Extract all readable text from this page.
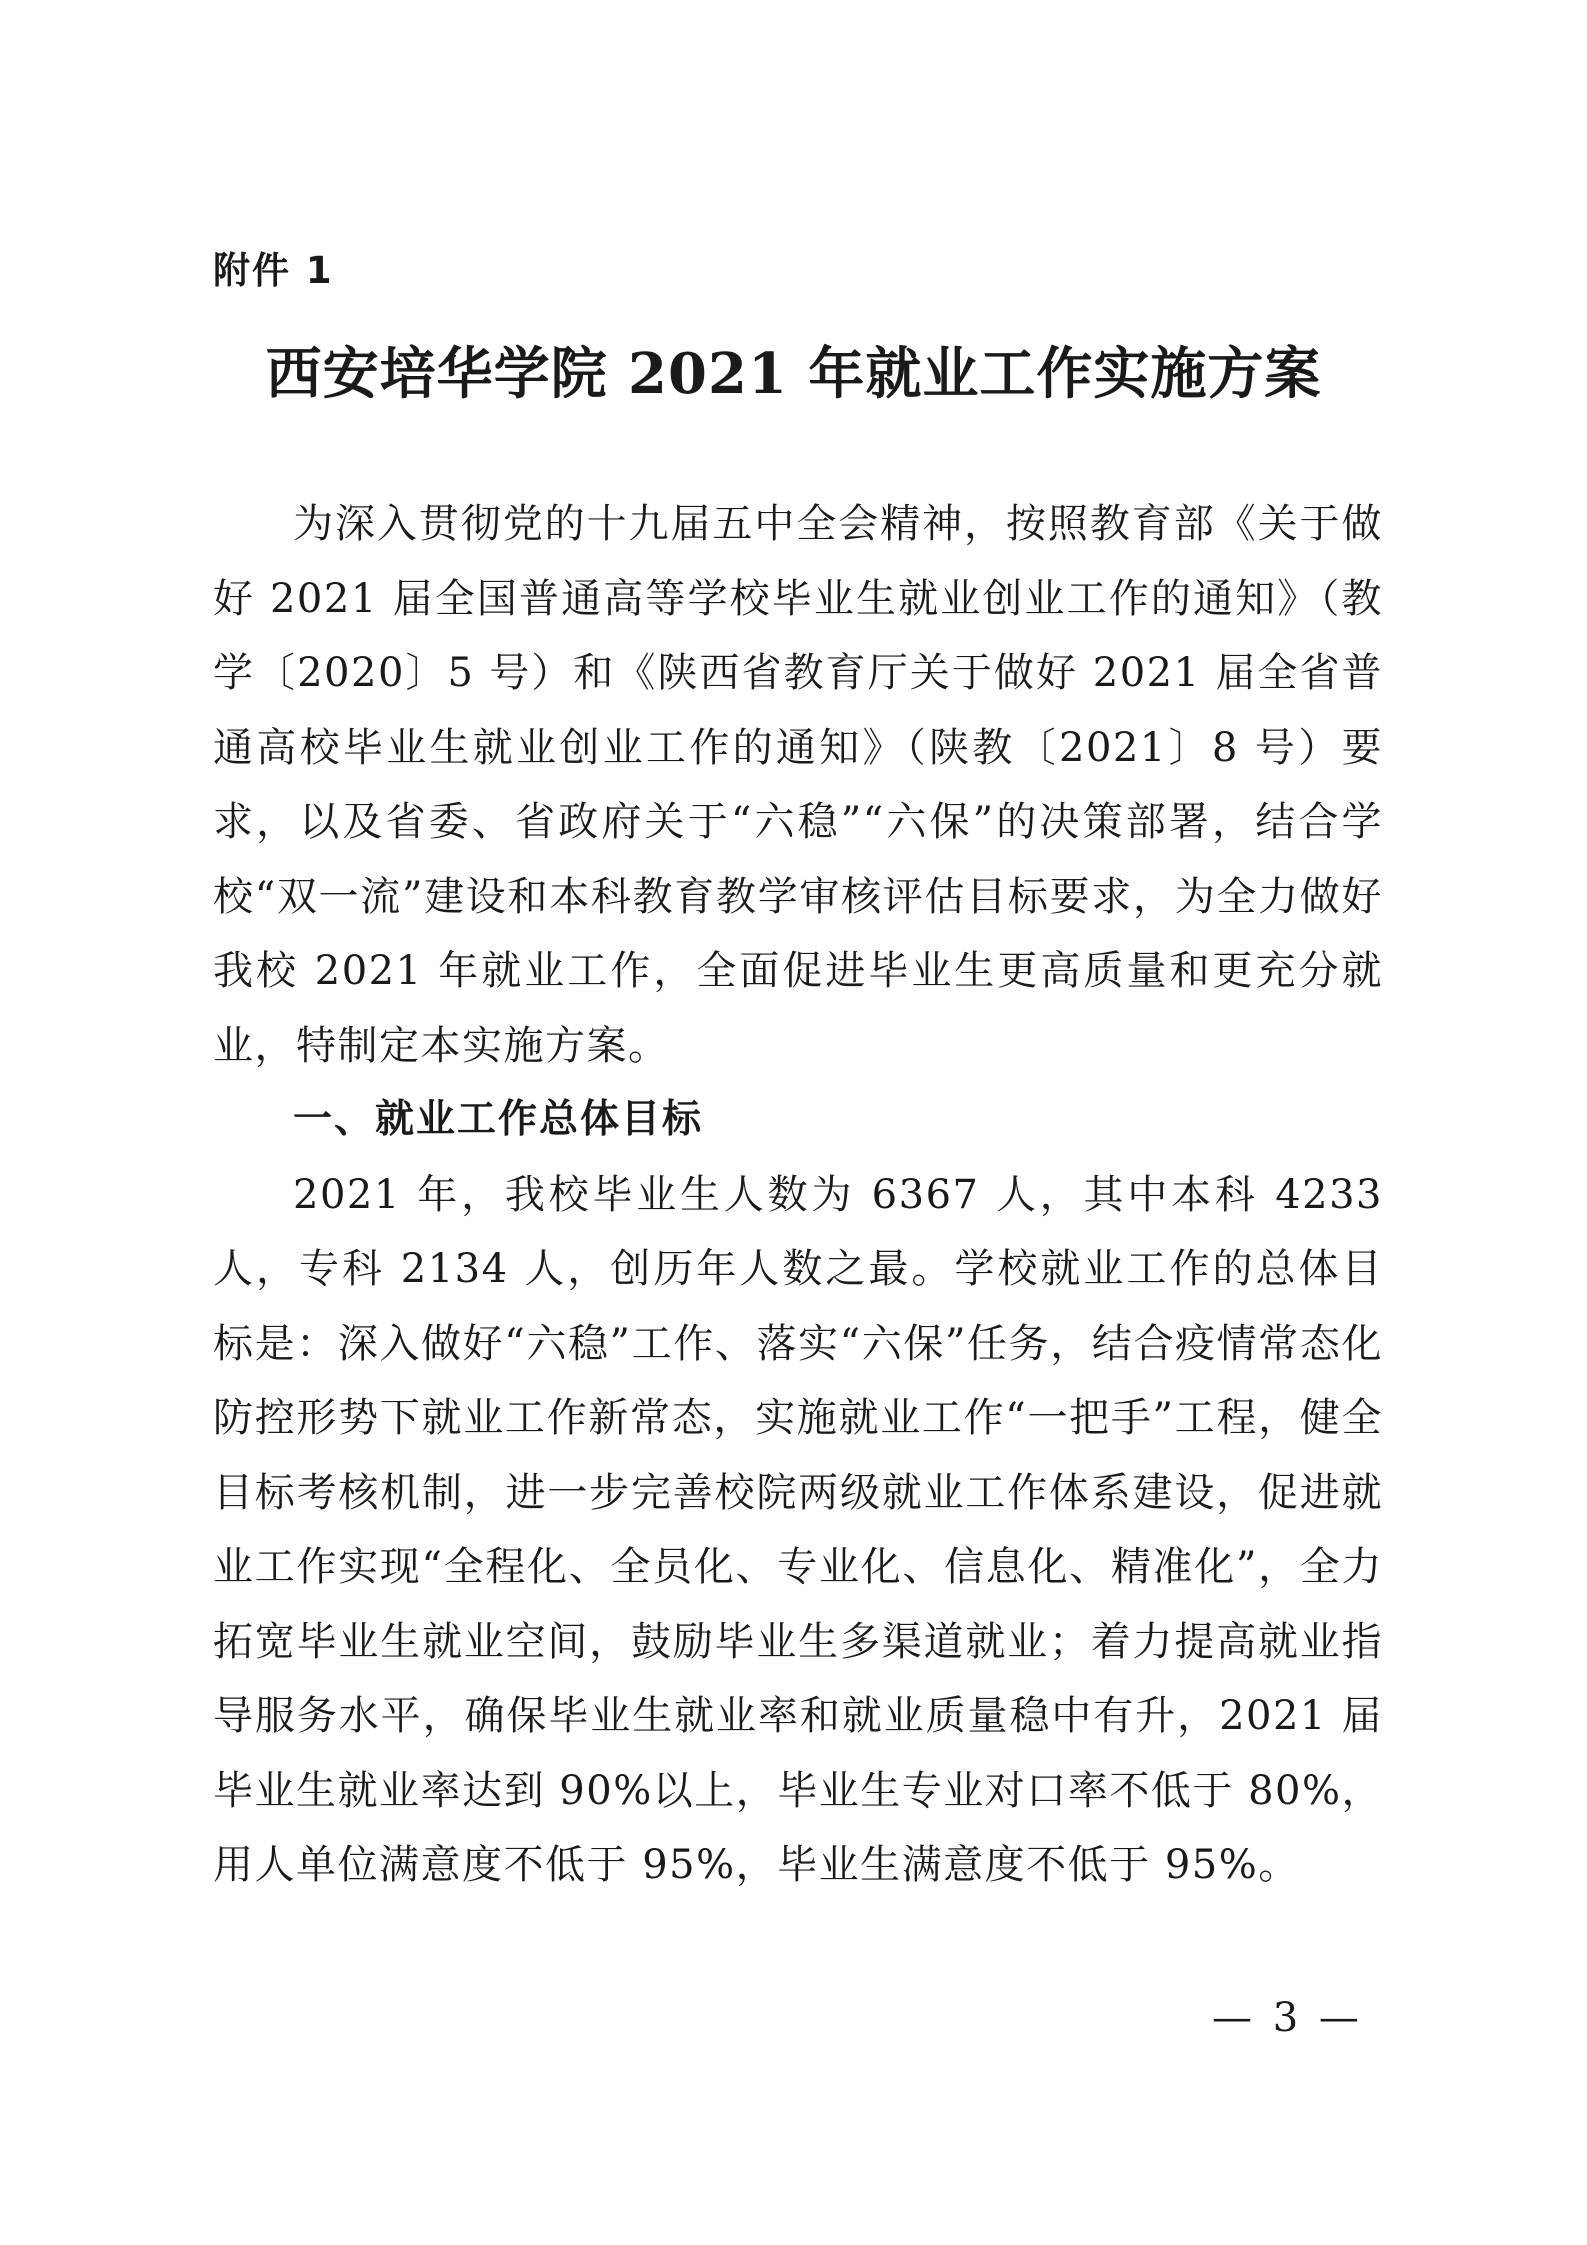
附件 1
西安培华学院 2021 年就业工作实施方案

为深入贯彻党的十九届五中全会精神，按照教育部《关于做好 2021 届全国普通高等学校毕业生就业创业工作的通知》（教学〔2020〕5 号）和《陕西省教育厅关于做好 2021 届全省普通高校毕业生就业创业工作的通知》（陕教〔2021〕8 号）要求，以及省委、省政府关于“六稳”“六保”的决策部署，结合学校“双一流”建设和本科教育教学审核评估目标要求，为全力做好我校 2021 年就业工作，全面促进毕业生更高质量和更充分就业，特制定本实施方案。

一、就业工作总体目标

2021 年，我校毕业生人数为 6367 人，其中本科 4233 人，专科 2134 人，创历年人数之最。学校就业工作的总体目标是：深入做好“六稳”工作、落实“六保”任务，结合疫情常态化防控形势下就业工作新常态，实施就业工作“一把手”工程，健全目标考核机制，进一步完善校院两级就业工作体系建设，促进就业工作实现“全程化、全员化、专业化、信息化、精准化”，全力拓宽毕业生就业空间，鼓励毕业生多渠道就业；着力提高就业指导服务水平，确保毕业生就业率和就业质量稳中有升，2021 届毕业生就业率达到 90%以上，毕业生专业对口率不低于 80%，用人单位满意度不低于 95%，毕业生满意度不低于 95%。

— 3 —
